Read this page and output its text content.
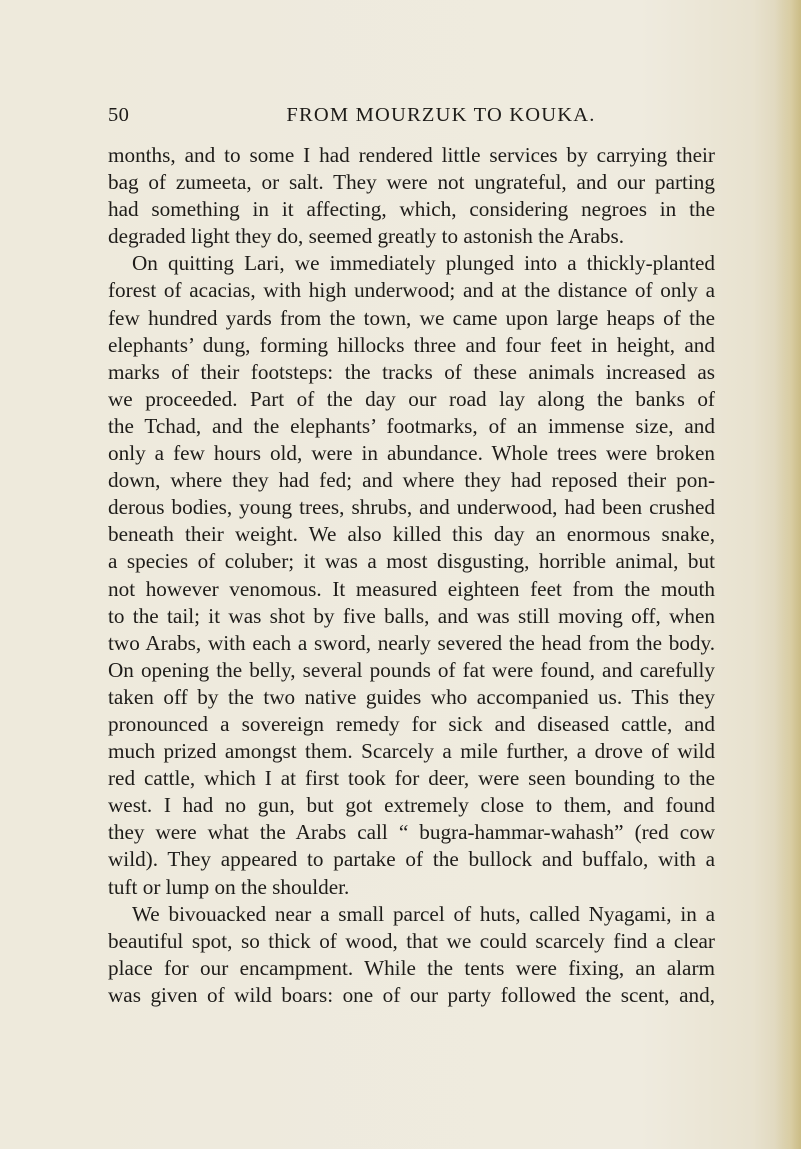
50	FROM MOURZUK TO KOUKA.
months, and to some I had rendered little services by carrying their
bag of zumeeta, or salt. They were not ungrateful, and our parting
had something in it affecting, which, considering negroes in the
degraded light they do, seemed greatly to astonish the Arabs.
On quitting Lari, we immediately plunged into a thickly-planted
forest of acacias, with high underwood; and at the distance of only a
few hundred yards from the town, we came upon large heaps of the
elephants’ dung, forming hillocks three and four feet in height, and
marks of their footsteps: the tracks of these animals increased as
we proceeded. Part of the day our road lay along the banks of
the Tchad, and the elephants’ footmarks, of an immense size, and
only a few hours old, were in abundance. Whole trees were broken
down, where they had fed; and where they had reposed their pon-
derous bodies, young trees, shrubs, and underwood, had been crushed
beneath their weight. We also killed this day an enormous snake,
a species of coluber; it was a most disgusting, horrible animal, but
not however venomous. It measured eighteen feet from the mouth
to the tail; it was shot by five balls, and was still moving off, when
two Arabs, with each a sword, nearly severed the head from the body.
On opening the belly, several pounds of fat were found, and carefully
taken off by the two native guides who accompanied us. This they
pronounced a sovereign remedy for sick and diseased cattle, and
much prized amongst them. Scarcely a mile further, a drove of wild
red cattle, which I at first took for deer, were seen bounding to the
west. I had no gun, but got extremely close to them, and found
they were what the Arabs call “ bugra-hammar-wahash” (red cow
wild). They appeared to partake of the bullock and buffalo, with a
tuft or lump on the shoulder.
We bivouacked near a small parcel of huts, called Nyagami, in a
beautiful spot, so thick of wood, that we could scarcely find a clear
place for our encampment. While the tents were fixing, an alarm
was given of wild boars: one of our party followed the scent, and,
